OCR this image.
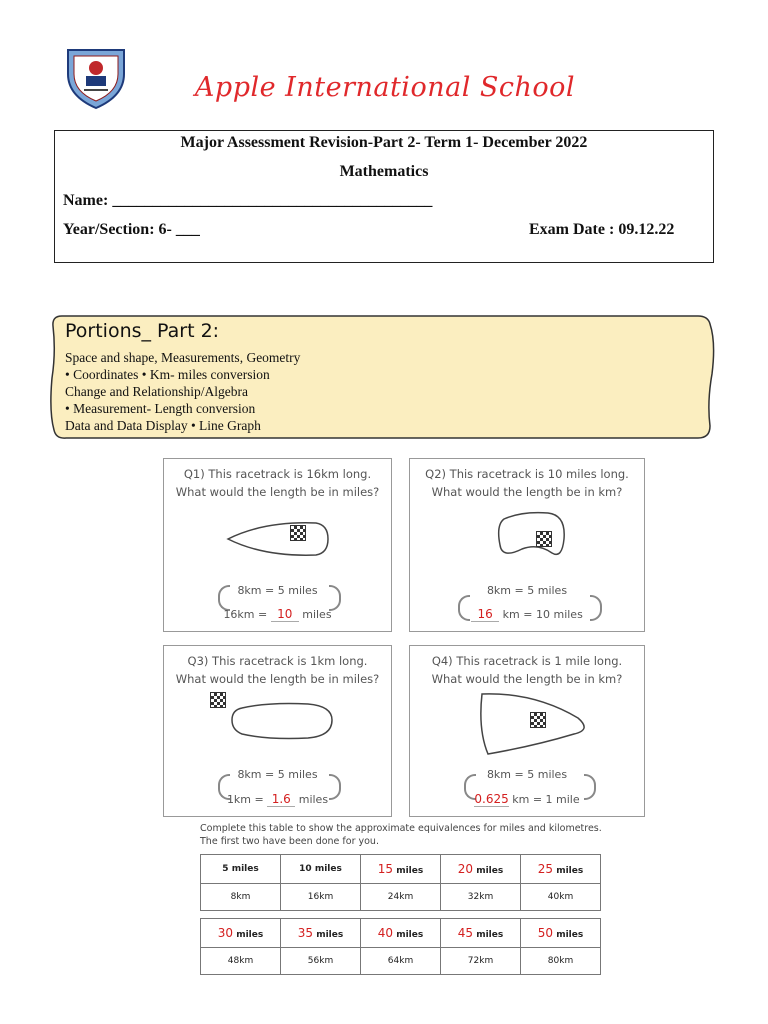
Apple International School
Major Assessment Revision-Part 2- Term 1- December 2022
Mathematics
Name: ________________________________________
Year/Section: 6- ___	Exam Date : 09.12.22
Portions_ Part 2:
Space and shape, Measurements, Geometry
• Coordinates • Km- miles conversion
Change and Relationship/Algebra
• Measurement- Length conversion
Data and Data Display • Line Graph
Q1) This racetrack is 16km long. What would the length be in miles?
8km = 5 miles
16km = 10 miles
Q2) This racetrack is 10 miles long. What would the length be in km?
8km = 5 miles
16 km = 10 miles
Q3) This racetrack is 1km long. What would the length be in miles?
8km = 5 miles
1km = 1.6 miles
Q4) This racetrack is 1 mile long. What would the length be in km?
8km = 5 miles
0.625 km = 1 mile
Complete this table to show the approximate equivalences for miles and kilometres. The first two have been done for you.
5 miles	10 miles	15 miles	20 miles	25 miles
8km	16km	24km	32km	40km
30 miles	35 miles	40 miles	45 miles	50 miles
48km	56km	64km	72km	80km
